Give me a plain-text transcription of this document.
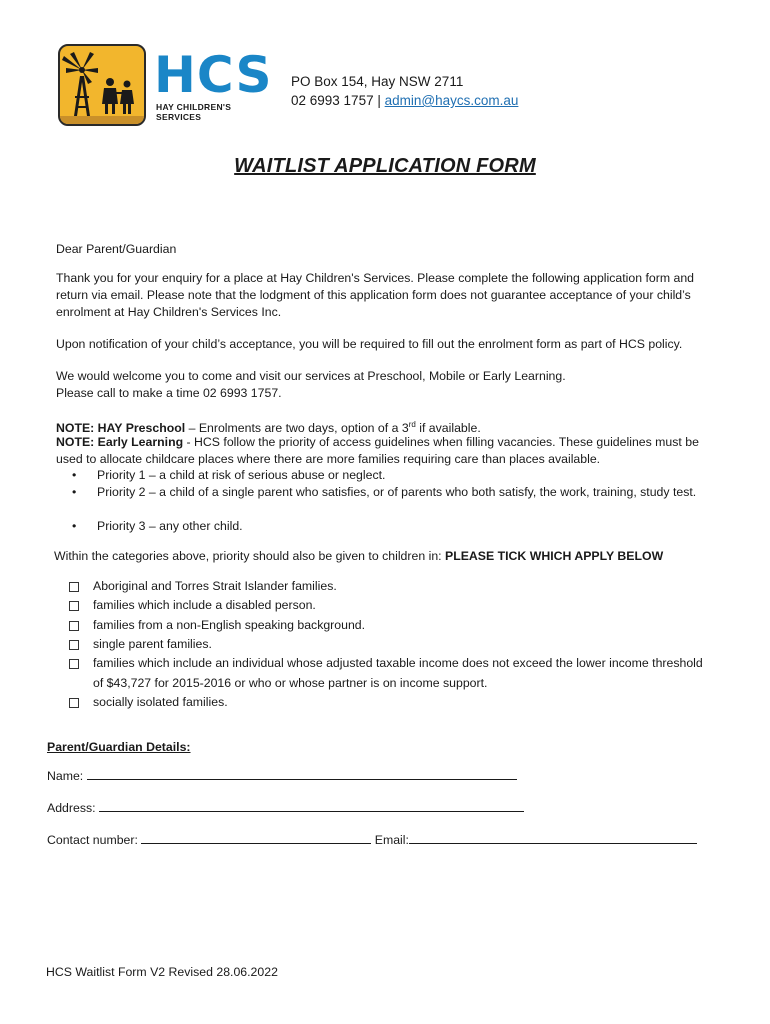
HCS
HAY CHILDREN'S SERVICES
PO Box 154, Hay NSW 2711
02 6993 1757 | admin@haycs.com.au
WAITLIST APPLICATION FORM
Dear Parent/Guardian
Thank you for your enquiry for a place at Hay Children's Services. Please complete the following application form and return via email. Please note that the lodgment of this application form does not guarantee acceptance of your child’s enrolment at Hay Children's Services Inc.
Upon notification of your child’s acceptance, you will be required to fill out the enrolment form as part of HCS policy.
We would welcome you to come and visit our services at Preschool, Mobile or Early Learning.
Please call to make a time 02 6993 1757.
NOTE: HAY Preschool – Enrolments are two days, option of a 3rd if available.
NOTE: Early Learning - HCS follow the priority of access guidelines when filling vacancies. These guidelines must be used to allocate childcare places where there are more families requiring care than places available.
• Priority 1 – a child at risk of serious abuse or neglect.
• Priority 2 – a child of a single parent who satisfies, or of parents who both satisfy, the work, training, study test.
• Priority 3 – any other child.
Within the categories above, priority should also be given to children in: PLEASE TICK WHICH APPLY BELOW
Aboriginal and Torres Strait Islander families.
families which include a disabled person.
families from a non-English speaking background.
single parent families.
families which include an individual whose adjusted taxable income does not exceed the lower income threshold of $43,727 for 2015-2016 or who or whose partner is on income support.
socially isolated families.
Parent/Guardian Details:
Name:
Address:
Contact number:	Email:
HCS Waitlist Form V2 Revised 28.06.2022
